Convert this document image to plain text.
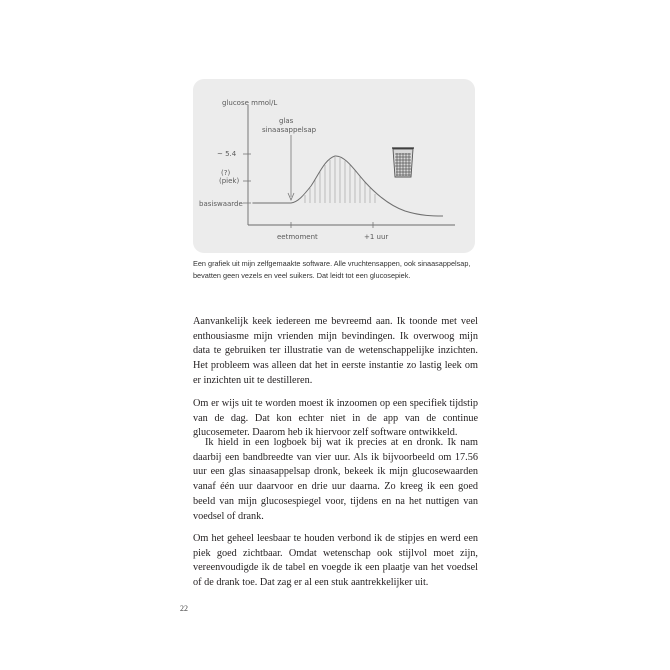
glucose mmol/L
glas
sinaasappelsap
~ 5.4
(?)
(piek)
basiswaarde
eetmoment	+1 uur

Een grafiek uit mijn zelfgemaakte software. Alle vruchtensappen, ook sinaasappelsap, bevatten geen vezels en veel suikers. Dat leidt tot een glucosepiek.

Aanvankelijk keek iedereen me bevreemd aan. Ik toonde met veel enthousiasme mijn vrienden mijn bevindingen. Ik overwoog mijn data te gebruiken ter illustratie van de wetenschappelijke inzichten. Het probleem was alleen dat het in eerste instantie zo lastig leek om er inzichten uit te destilleren.

Om er wijs uit te worden moest ik inzoomen op een specifiek tijdstip van de dag. Dat kon echter niet in de app van de continue glucosemeter. Daarom heb ik hiervoor zelf software ontwikkeld.

Ik hield in een logboek bij wat ik precies at en dronk. Ik nam daarbij een bandbreedte van vier uur. Als ik bijvoorbeeld om 17.56 uur een glas sinaasappelsap dronk, bekeek ik mijn glucosewaarden vanaf één uur daarvoor en drie uur daarna. Zo kreeg ik een goed beeld van mijn glucosespiegel voor, tijdens en na het nuttigen van voedsel of drank.

Om het geheel leesbaar te houden verbond ik de stipjes en werd een piek goed zichtbaar. Omdat wetenschap ook stijlvol moet zijn, vereenvoudigde ik de tabel en voegde ik een plaatje van het voedsel of de drank toe. Dat zag er al een stuk aantrekkelijker uit.

22
